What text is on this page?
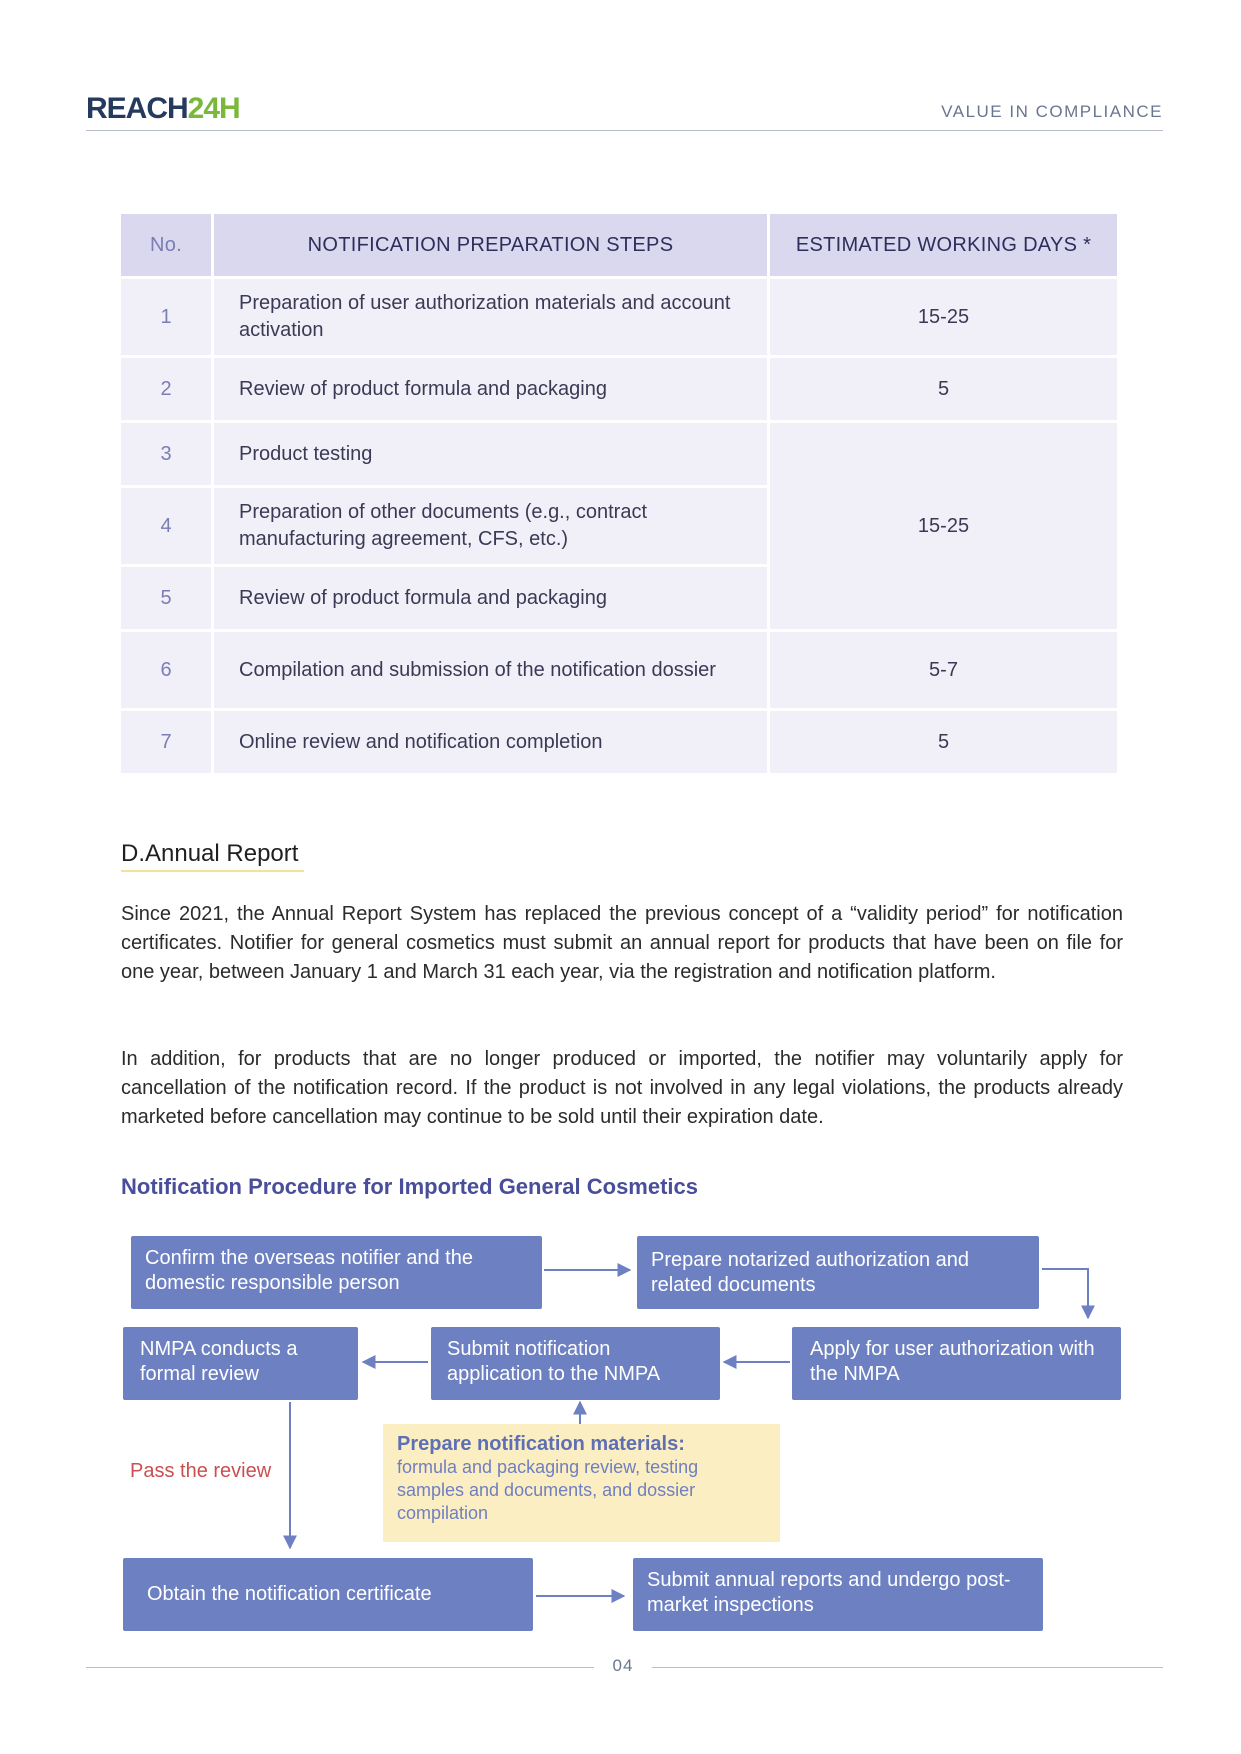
REACH24H	VALUE IN COMPLIANCE
No.	NOTIFICATION PREPARATION STEPS	ESTIMATED WORKING DAYS *
1	Preparation of user authorization materials and account activation	15-25
2	Review of product formula and packaging	5
3	Product testing	15-25
4	Preparation of other documents (e.g., contract manufacturing agreement, CFS, etc.)	
5	Review of product formula and packaging	
6	Compilation and submission of the notification dossier	5-7
7	Online review and notification completion	5
D.Annual Report

Since 2021, the Annual Report System has replaced the previous concept of a “validity period” for notification certificates. Notifier for general cosmetics must submit an annual report for products that have been on file for one year, between January 1 and March 31 each year, via the registration and notification platform.

In addition, for products that are no longer produced or imported, the notifier may voluntarily apply for cancellation of the notification record. If the product is not involved in any legal violations, the products already marketed before cancellation may continue to be sold until their expiration date.

Notification Procedure for Imported General Cosmetics
Confirm the overseas notifier and the domestic responsible person
Prepare notarized authorization and related documents
Apply for user authorization with the NMPA
Submit notification application to the NMPA
NMPA conducts a formal review
Prepare notification materials:
formula and packaging review, testing samples and documents, and dossier compilation
Pass the review
Obtain the notification certificate
Submit annual reports and undergo post-market inspections
04
